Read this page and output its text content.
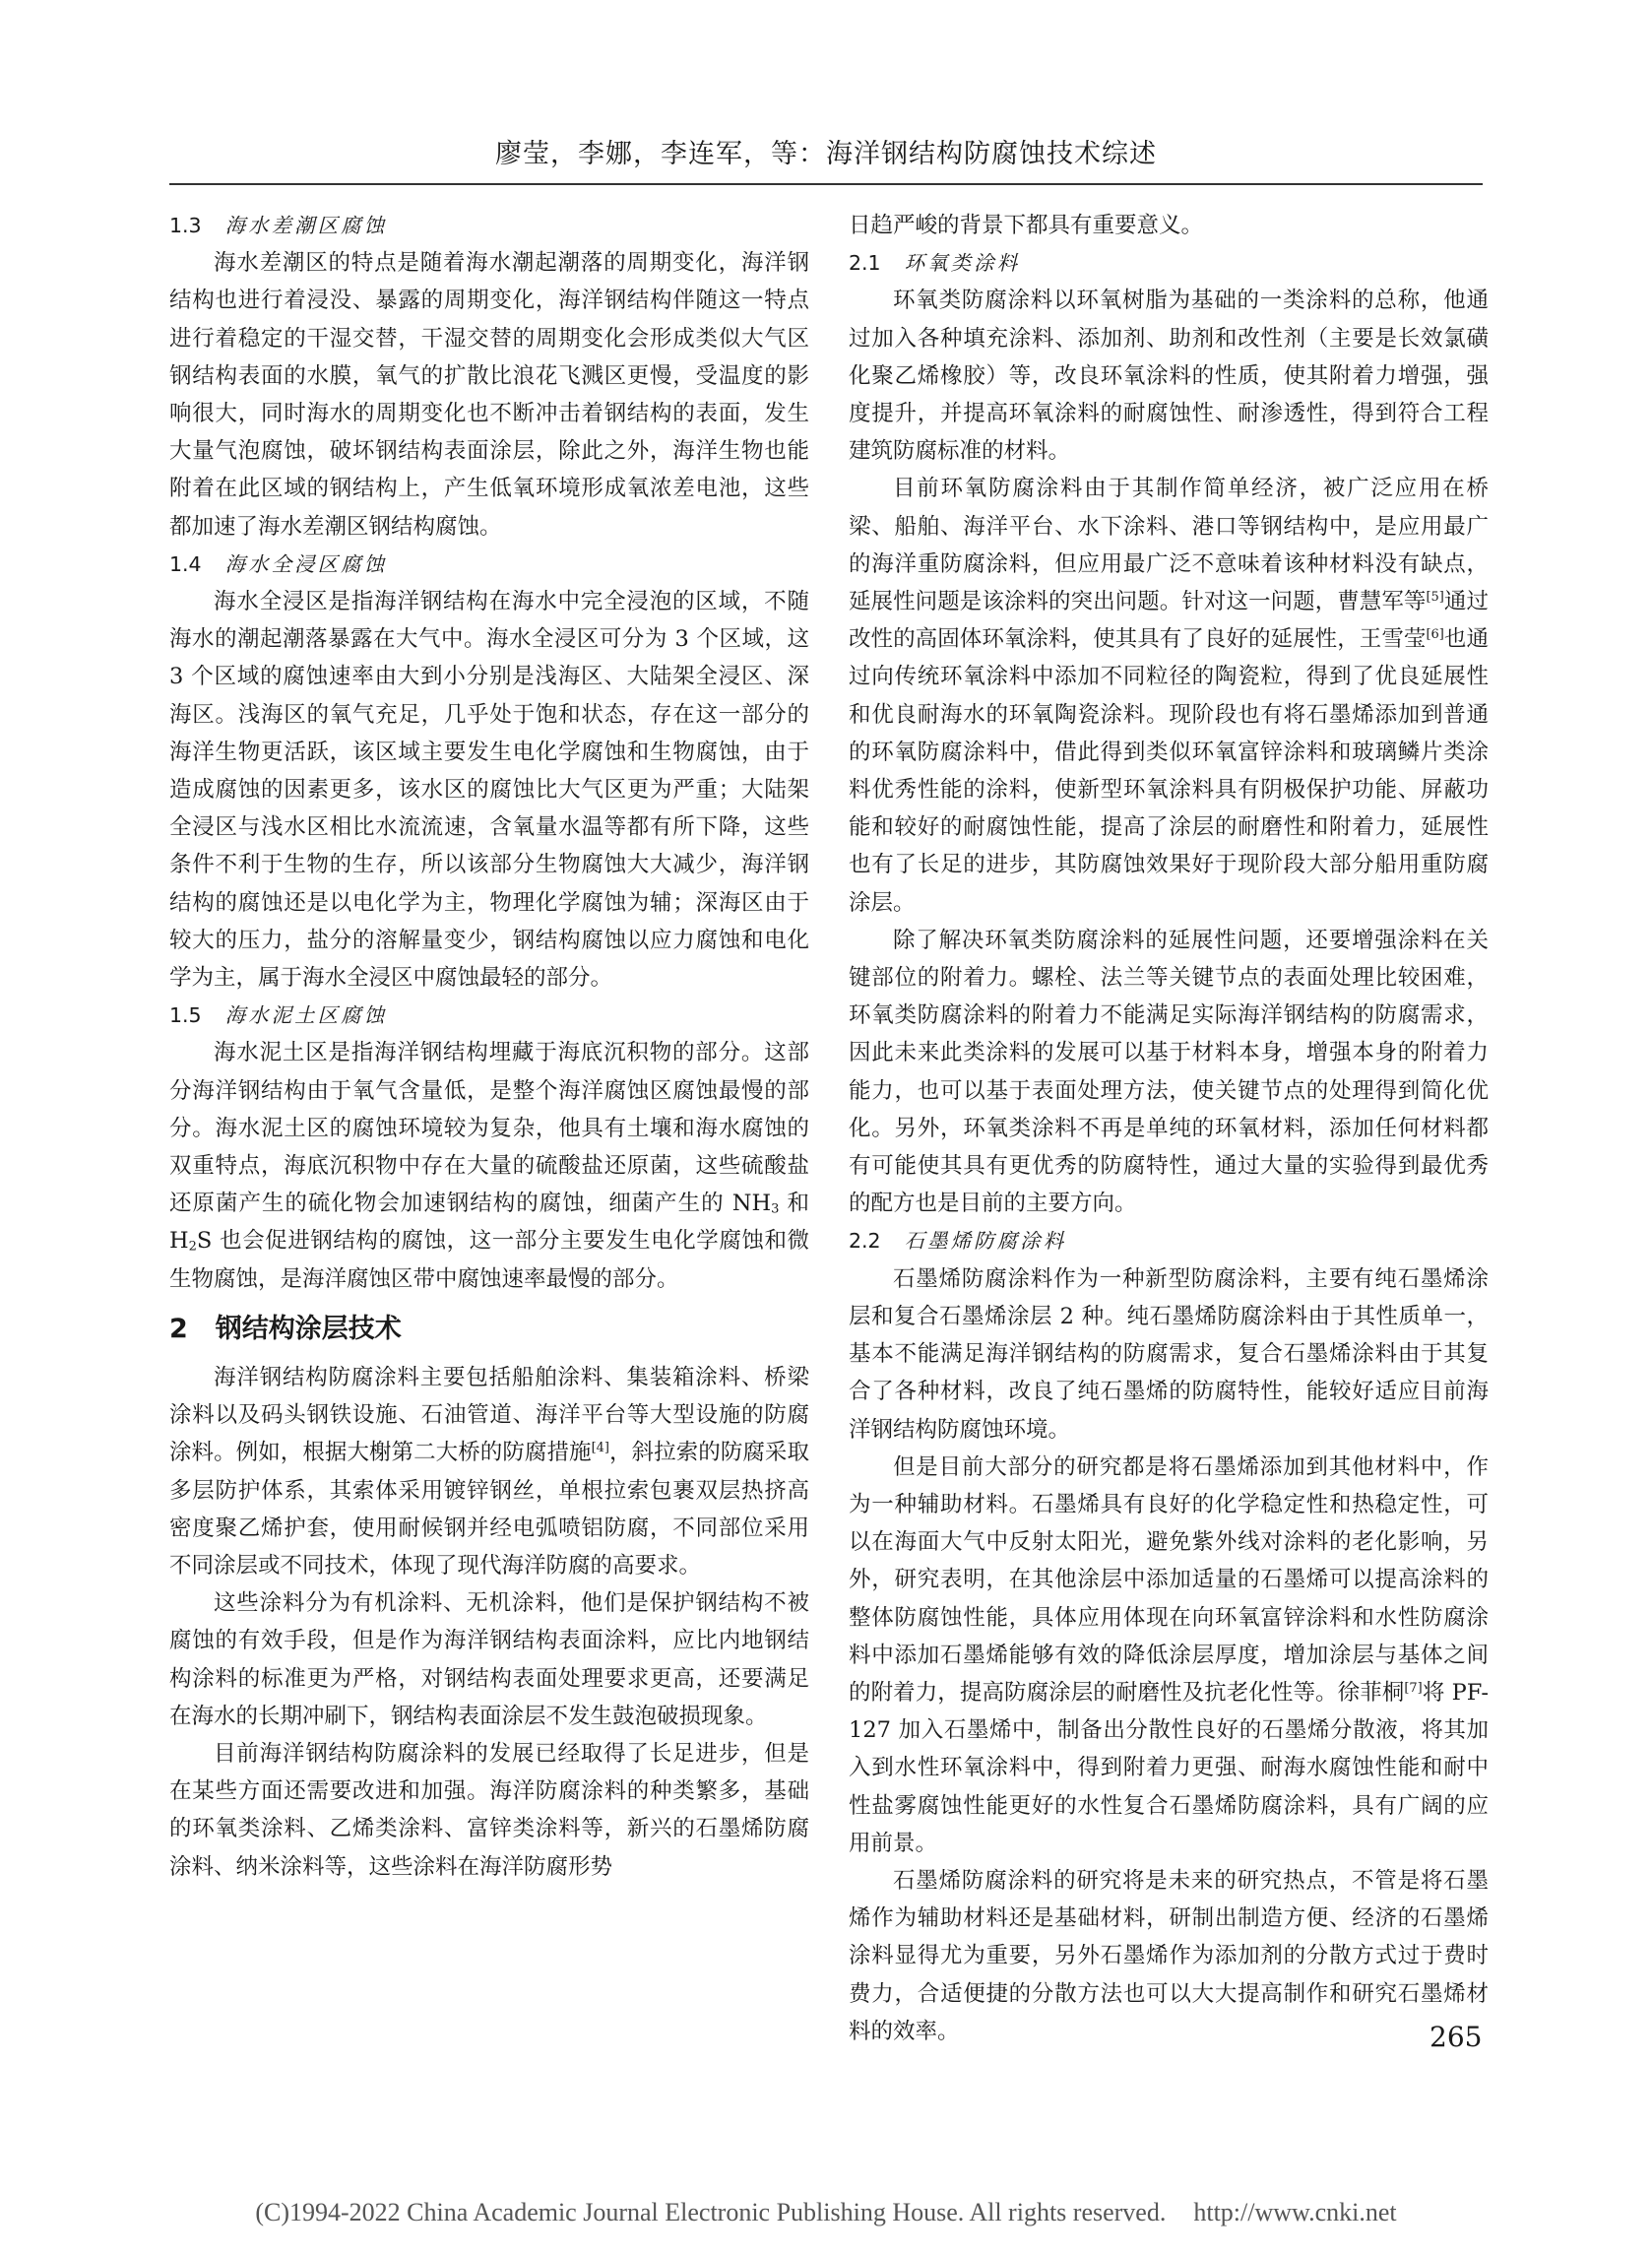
廖莹，李娜，李连军，等：海洋钢结构防腐蚀技术综述
1.3 海水差潮区腐蚀

海水差潮区的特点是随着海水潮起潮落的周期变化，海洋钢结构也进行着浸没、暴露的周期变化，海洋钢结构伴随这一特点进行着稳定的干湿交替，干湿交替的周期变化会形成类似大气区钢结构表面的水膜，氧气的扩散比浪花飞溅区更慢，受温度的影响很大，同时海水的周期变化也不断冲击着钢结构的表面，发生大量气泡腐蚀，破坏钢结构表面涂层，除此之外，海洋生物也能附着在此区域的钢结构上，产生低氧环境形成氧浓差电池，这些都加速了海水差潮区钢结构腐蚀。

1.4 海水全浸区腐蚀

海水全浸区是指海洋钢结构在海水中完全浸泡的区域，不随海水的潮起潮落暴露在大气中。海水全浸区可分为 3 个区域，这 3 个区域的腐蚀速率由大到小分别是浅海区、大陆架全浸区、深海区。浅海区的氧气充足，几乎处于饱和状态，存在这一部分的海洋生物更活跃，该区域主要发生电化学腐蚀和生物腐蚀，由于造成腐蚀的因素更多，该水区的腐蚀比大气区更为严重；大陆架全浸区与浅水区相比水流流速，含氧量水温等都有所下降，这些条件不利于生物的生存，所以该部分生物腐蚀大大减少，海洋钢结构的腐蚀还是以电化学为主，物理化学腐蚀为辅；深海区由于较大的压力，盐分的溶解量变少，钢结构腐蚀以应力腐蚀和电化学为主，属于海水全浸区中腐蚀最轻的部分。

1.5 海水泥土区腐蚀

海水泥土区是指海洋钢结构埋藏于海底沉积物的部分。这部分海洋钢结构由于氧气含量低，是整个海洋腐蚀区腐蚀最慢的部分。海水泥土区的腐蚀环境较为复杂，他具有土壤和海水腐蚀的双重特点，海底沉积物中存在大量的硫酸盐还原菌，这些硫酸盐还原菌产生的硫化物会加速钢结构的腐蚀，细菌产生的 $NH_3$ 和 $H_2S$ 也会促进钢结构的腐蚀，这一部分主要发生电化学腐蚀和微生物腐蚀，是海洋腐蚀区带中腐蚀速率最慢的部分。

2 钢结构涂层技术

海洋钢结构防腐涂料主要包括船舶涂料、集装箱涂料、桥梁涂料以及码头钢铁设施、石油管道、海洋平台等大型设施的防腐涂料。例如，根据大榭第二大桥的防腐措施[4]，斜拉索的防腐采取多层防护体系，其索体采用镀锌钢丝，单根拉索包裹双层热挤高密度聚乙烯护套，使用耐候钢并经电弧喷铝防腐，不同部位采用不同涂层或不同技术，体现了现代海洋防腐的高要求。

这些涂料分为有机涂料、无机涂料，他们是保护钢结构不被腐蚀的有效手段，但是作为海洋钢结构表面涂料，应比内地钢结构涂料的标准更为严格，对钢结构表面处理要求更高，还要满足在海水的长期冲刷下，钢结构表面涂层不发生鼓泡破损现象。

目前海洋钢结构防腐涂料的发展已经取得了长足进步，但是在某些方面还需要改进和加强。海洋防腐涂料的种类繁多，基础的环氧类涂料、乙烯类涂料、富锌类涂料等，新兴的石墨烯防腐涂料、纳米涂料等，这些涂料在海洋防腐形势

日趋严峻的背景下都具有重要意义。

2.1 环氧类涂料

环氧类防腐涂料以环氧树脂为基础的一类涂料的总称，他通过加入各种填充涂料、添加剂、助剂和改性剂（主要是长效氯磺化聚乙烯橡胶）等，改良环氧涂料的性质，使其附着力增强，强度提升，并提高环氧涂料的耐腐蚀性、耐渗透性，得到符合工程建筑防腐标准的材料。

目前环氧防腐涂料由于其制作简单经济，被广泛应用在桥梁、船舶、海洋平台、水下涂料、港口等钢结构中，是应用最广的海洋重防腐涂料，但应用最广泛不意味着该种材料没有缺点，延展性问题是该涂料的突出问题。针对这一问题，曹慧军等[5]通过改性的高固体环氧涂料，使其具有了良好的延展性，王雪莹[6]也通过向传统环氧涂料中添加不同粒径的陶瓷粒，得到了优良延展性和优良耐海水的环氧陶瓷涂料。现阶段也有将石墨烯添加到普通的环氧防腐涂料中，借此得到类似环氧富锌涂料和玻璃鳞片类涂料优秀性能的涂料，使新型环氧涂料具有阴极保护功能、屏蔽功能和较好的耐腐蚀性能，提高了涂层的耐磨性和附着力，延展性也有了长足的进步，其防腐蚀效果好于现阶段大部分船用重防腐涂层。

除了解决环氧类防腐涂料的延展性问题，还要增强涂料在关键部位的附着力。螺栓、法兰等关键节点的表面处理比较困难，环氧类防腐涂料的附着力不能满足实际海洋钢结构的防腐需求，因此未来此类涂料的发展可以基于材料本身，增强本身的附着力能力，也可以基于表面处理方法，使关键节点的处理得到简化优化。另外，环氧类涂料不再是单纯的环氧材料，添加任何材料都有可能使其具有更优秀的防腐特性，通过大量的实验得到最优秀的配方也是目前的主要方向。

2.2 石墨烯防腐涂料

石墨烯防腐涂料作为一种新型防腐涂料，主要有纯石墨烯涂层和复合石墨烯涂层 2 种。纯石墨烯防腐涂料由于其性质单一，基本不能满足海洋钢结构的防腐需求，复合石墨烯涂料由于其复合了各种材料，改良了纯石墨烯的防腐特性，能较好适应目前海洋钢结构防腐蚀环境。

但是目前大部分的研究都是将石墨烯添加到其他材料中，作为一种辅助材料。石墨烯具有良好的化学稳定性和热稳定性，可以在海面大气中反射太阳光，避免紫外线对涂料的老化影响，另外，研究表明，在其他涂层中添加适量的石墨烯可以提高涂料的整体防腐蚀性能，具体应用体现在向环氧富锌涂料和水性防腐涂料中添加石墨烯能够有效的降低涂层厚度，增加涂层与基体之间的附着力，提高防腐涂层的耐磨性及抗老化性等。徐菲桐[7]将 PF-127 加入石墨烯中，制备出分散性良好的石墨烯分散液，将其加入到水性环氧涂料中，得到附着力更强、耐海水腐蚀性能和耐中性盐雾腐蚀性能更好的水性复合石墨烯防腐涂料，具有广阔的应用前景。

石墨烯防腐涂料的研究将是未来的研究热点，不管是将石墨烯作为辅助材料还是基础材料，研制出制造方便、经济的石墨烯涂料显得尤为重要，另外石墨烯作为添加剂的分散方式过于费时费力，合适便捷的分散方法也可以大大提高制作和研究石墨烯材料的效率。	265
(C)1994-2022 China Academic Journal Electronic Publishing House. All rights reserved. http://www.cnki.net
